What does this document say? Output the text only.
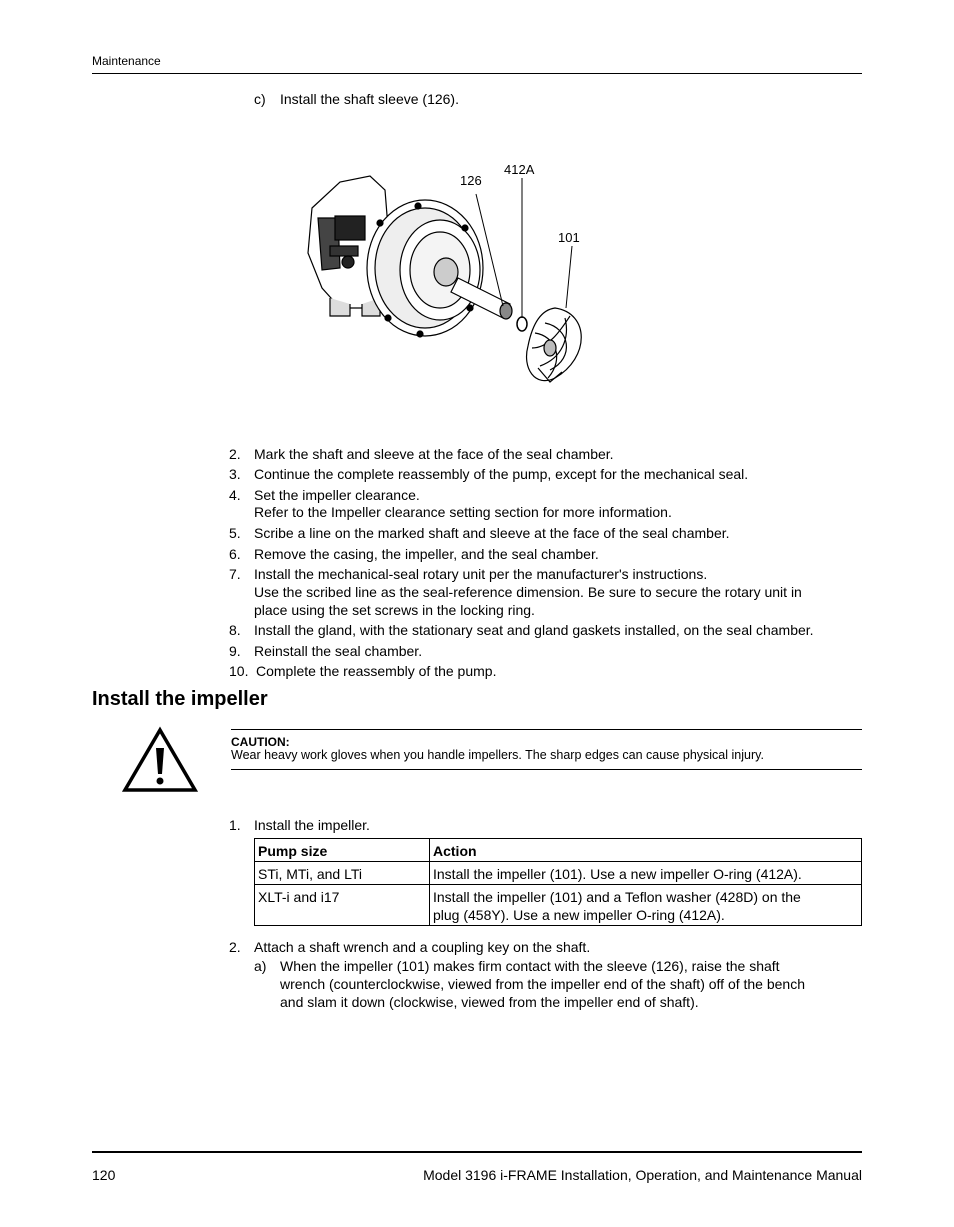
Maintenance
c) Install the shaft sleeve (126).
126
412A
101
2. Mark the shaft and sleeve at the face of the seal chamber.
3. Continue the complete reassembly of the pump, except for the mechanical seal.
4. Set the impeller clearance.
Refer to the Impeller clearance setting section for more information.
5. Scribe a line on the marked shaft and sleeve at the face of the seal chamber.
6. Remove the casing, the impeller, and the seal chamber.
7. Install the mechanical-seal rotary unit per the manufacturer's instructions.
Use the scribed line as the seal-reference dimension. Be sure to secure the rotary unit in
place using the set screws in the locking ring.
8. Install the gland, with the stationary seat and gland gaskets installed, on the seal chamber.
9. Reinstall the seal chamber.
10. Complete the reassembly of the pump.
Install the impeller
CAUTION:
Wear heavy work gloves when you handle impellers. The sharp edges can cause physical injury.
1. Install the impeller.
Pump size	Action
STi, MTi, and LTi	Install the impeller (101). Use a new impeller O-ring (412A).
XLT-i and i17	Install the impeller (101) and a Teflon washer (428D) on the
plug (458Y). Use a new impeller O-ring (412A).
2. Attach a shaft wrench and a coupling key on the shaft.
a) When the impeller (101) makes firm contact with the sleeve (126), raise the shaft
wrench (counterclockwise, viewed from the impeller end of the shaft) off of the bench
and slam it down (clockwise, viewed from the impeller end of shaft).
120	Model 3196 i-FRAME Installation, Operation, and Maintenance Manual
